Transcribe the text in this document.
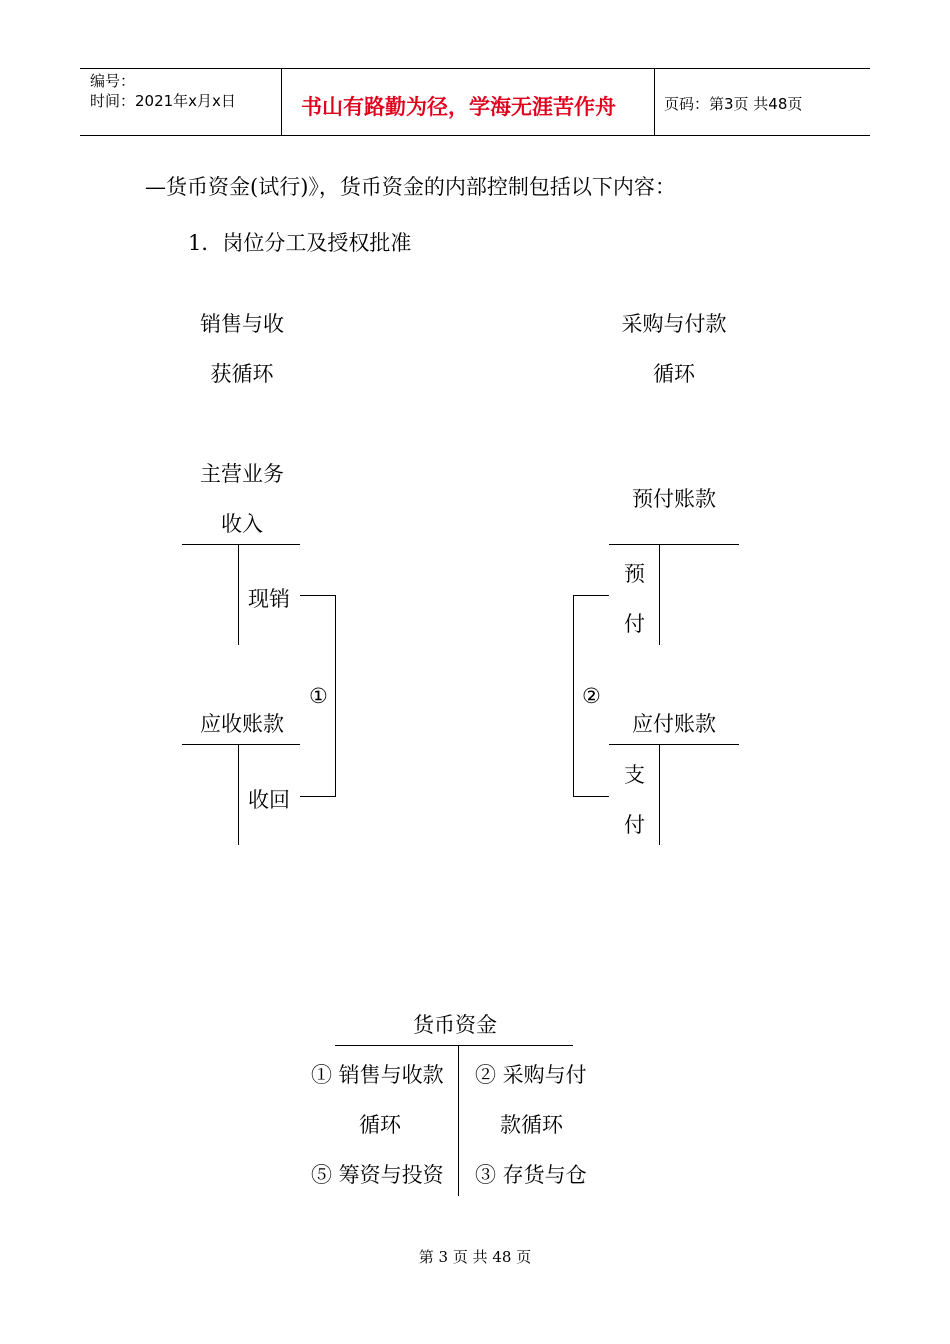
编号：
时间：2021年x月x日	书山有路勤为径，学海无涯苦作舟	页码：第3页 共48页
—货币资金(试行)》，货币资金的内部控制包括以下内容：
1．岗位分工及授权批准
销售与收
获循环
主营业务
收入
现销
应收账款
收回
①
采购与付款
循环
预付账款
预
付
应付账款
支
付
②
货币资金
① 销售与收款
循环
⑤ 筹资与投资
② 采购与付
款循环
③ 存货与仓
第 3 页 共 48 页
